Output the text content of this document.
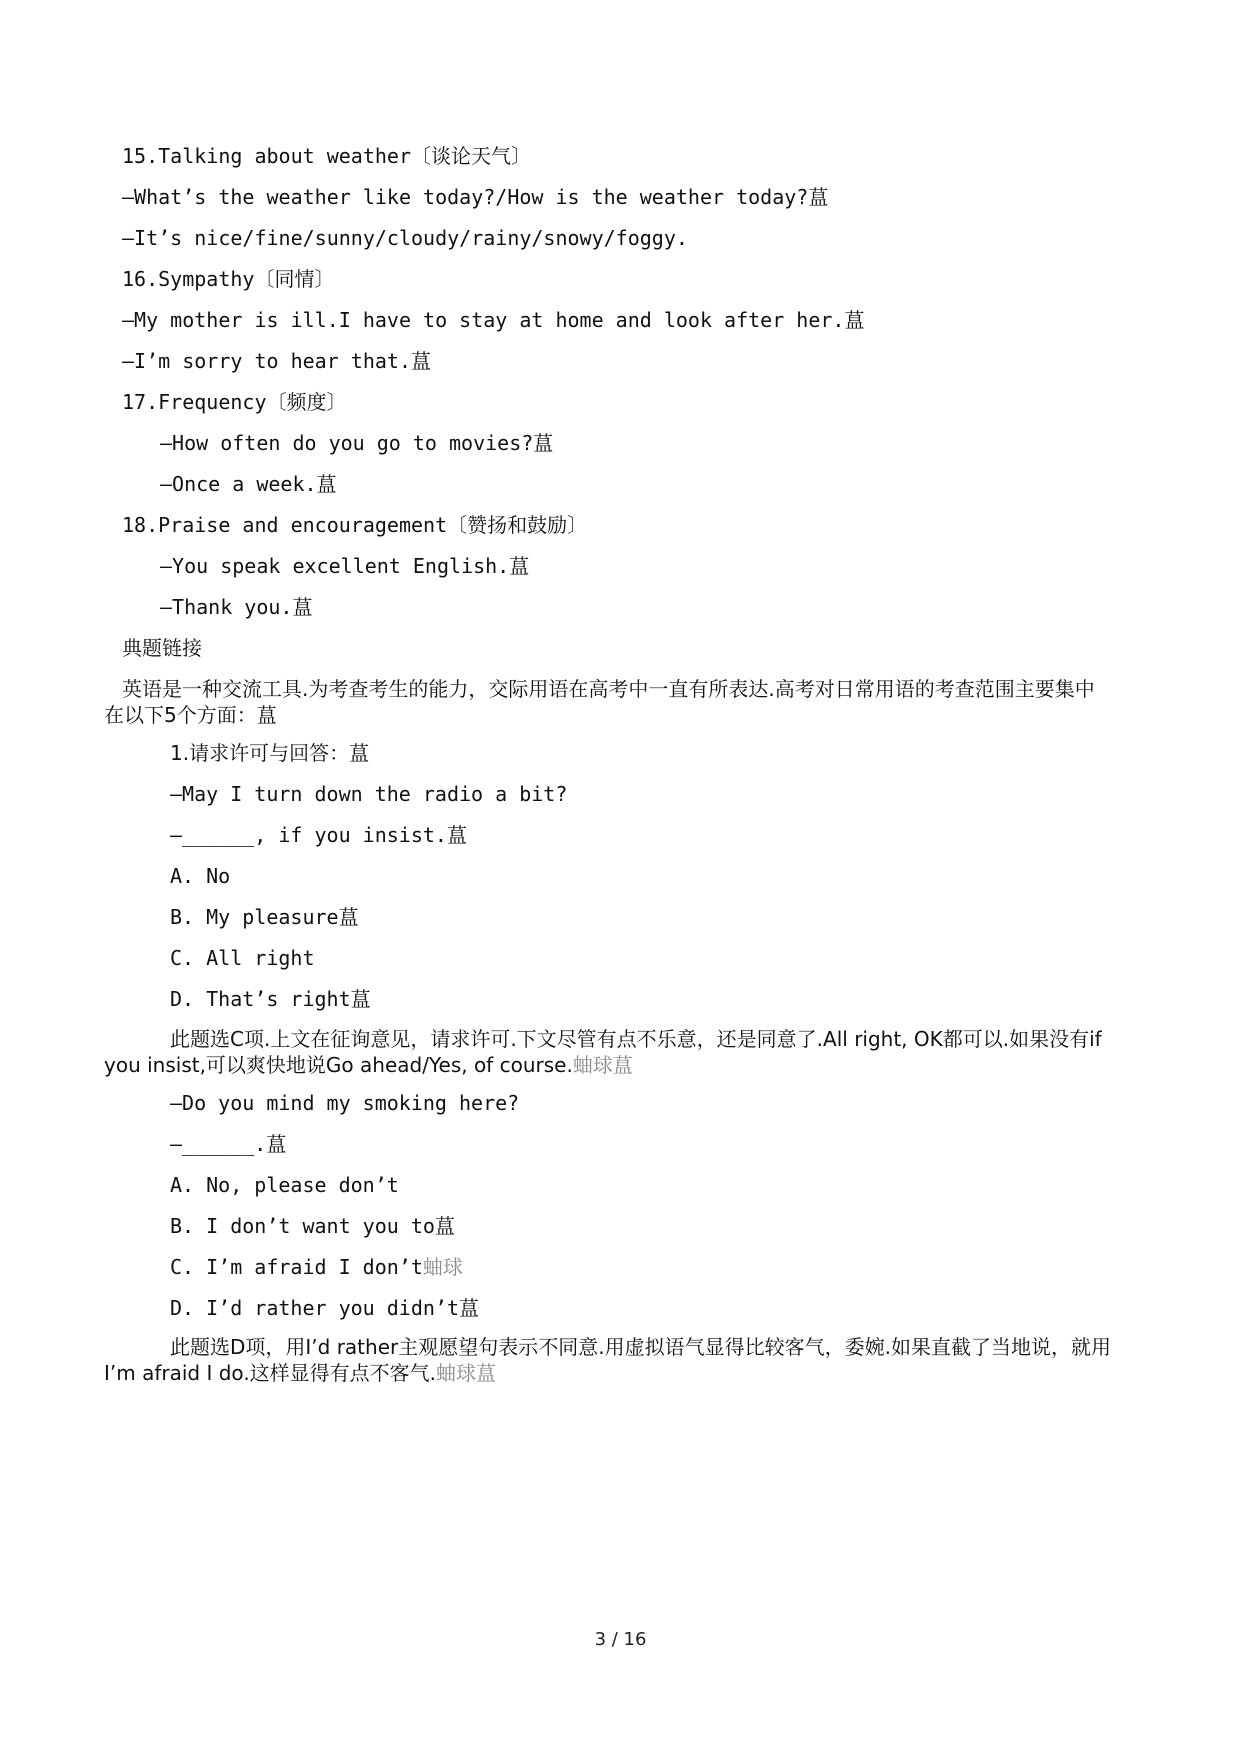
15.Talking about weather〔谈论天气〕
—What’s the weather like today?/How is the weather today?蒀
—It’s nice/fine/sunny/cloudy/rainy/snowy/foggy.
16.Sympathy〔同情〕
—My mother is ill.I have to stay at home and look after her.蒀
—I’m sorry to hear that.蒀
17.Frequency〔频度〕
—How often do you go to movies?蒀
—Once a week.蒀
18.Praise and encouragement〔赞扬和鼓励〕
—You speak excellent English.蒀
—Thank you.蒀
典题链接
英语是一种交流工具.为考查考生的能力，交际用语在高考中一直有所表达.高考对日常用语的考查范围主要集中在以下5个方面：蒀
1.请求许可与回答：蒀
—May I turn down the radio a bit?
—______, if you insist.蒀
A. No
B. My pleasure蒀
C. All right
D. That’s right蒀
此题选C项.上文在征询意见，请求许可.下文尽管有点不乐意，还是同意了.All right, OK都可以.如果没有if you insist,可以爽快地说Go ahead/Yes, of course.蚰球蒀
—Do you mind my smoking here?
—______.蒀
A. No, please don’t
B. I don’t want you to蒀
C. I’m afraid I don’t蚰球
D. I’d rather you didn’t蒀
此题选D项，用I’d rather主观愿望句表示不同意.用虚拟语气显得比较客气，委婉.如果直截了当地说，就用I’m afraid I do.这样显得有点不客气.蚰球蒀
3 / 16
